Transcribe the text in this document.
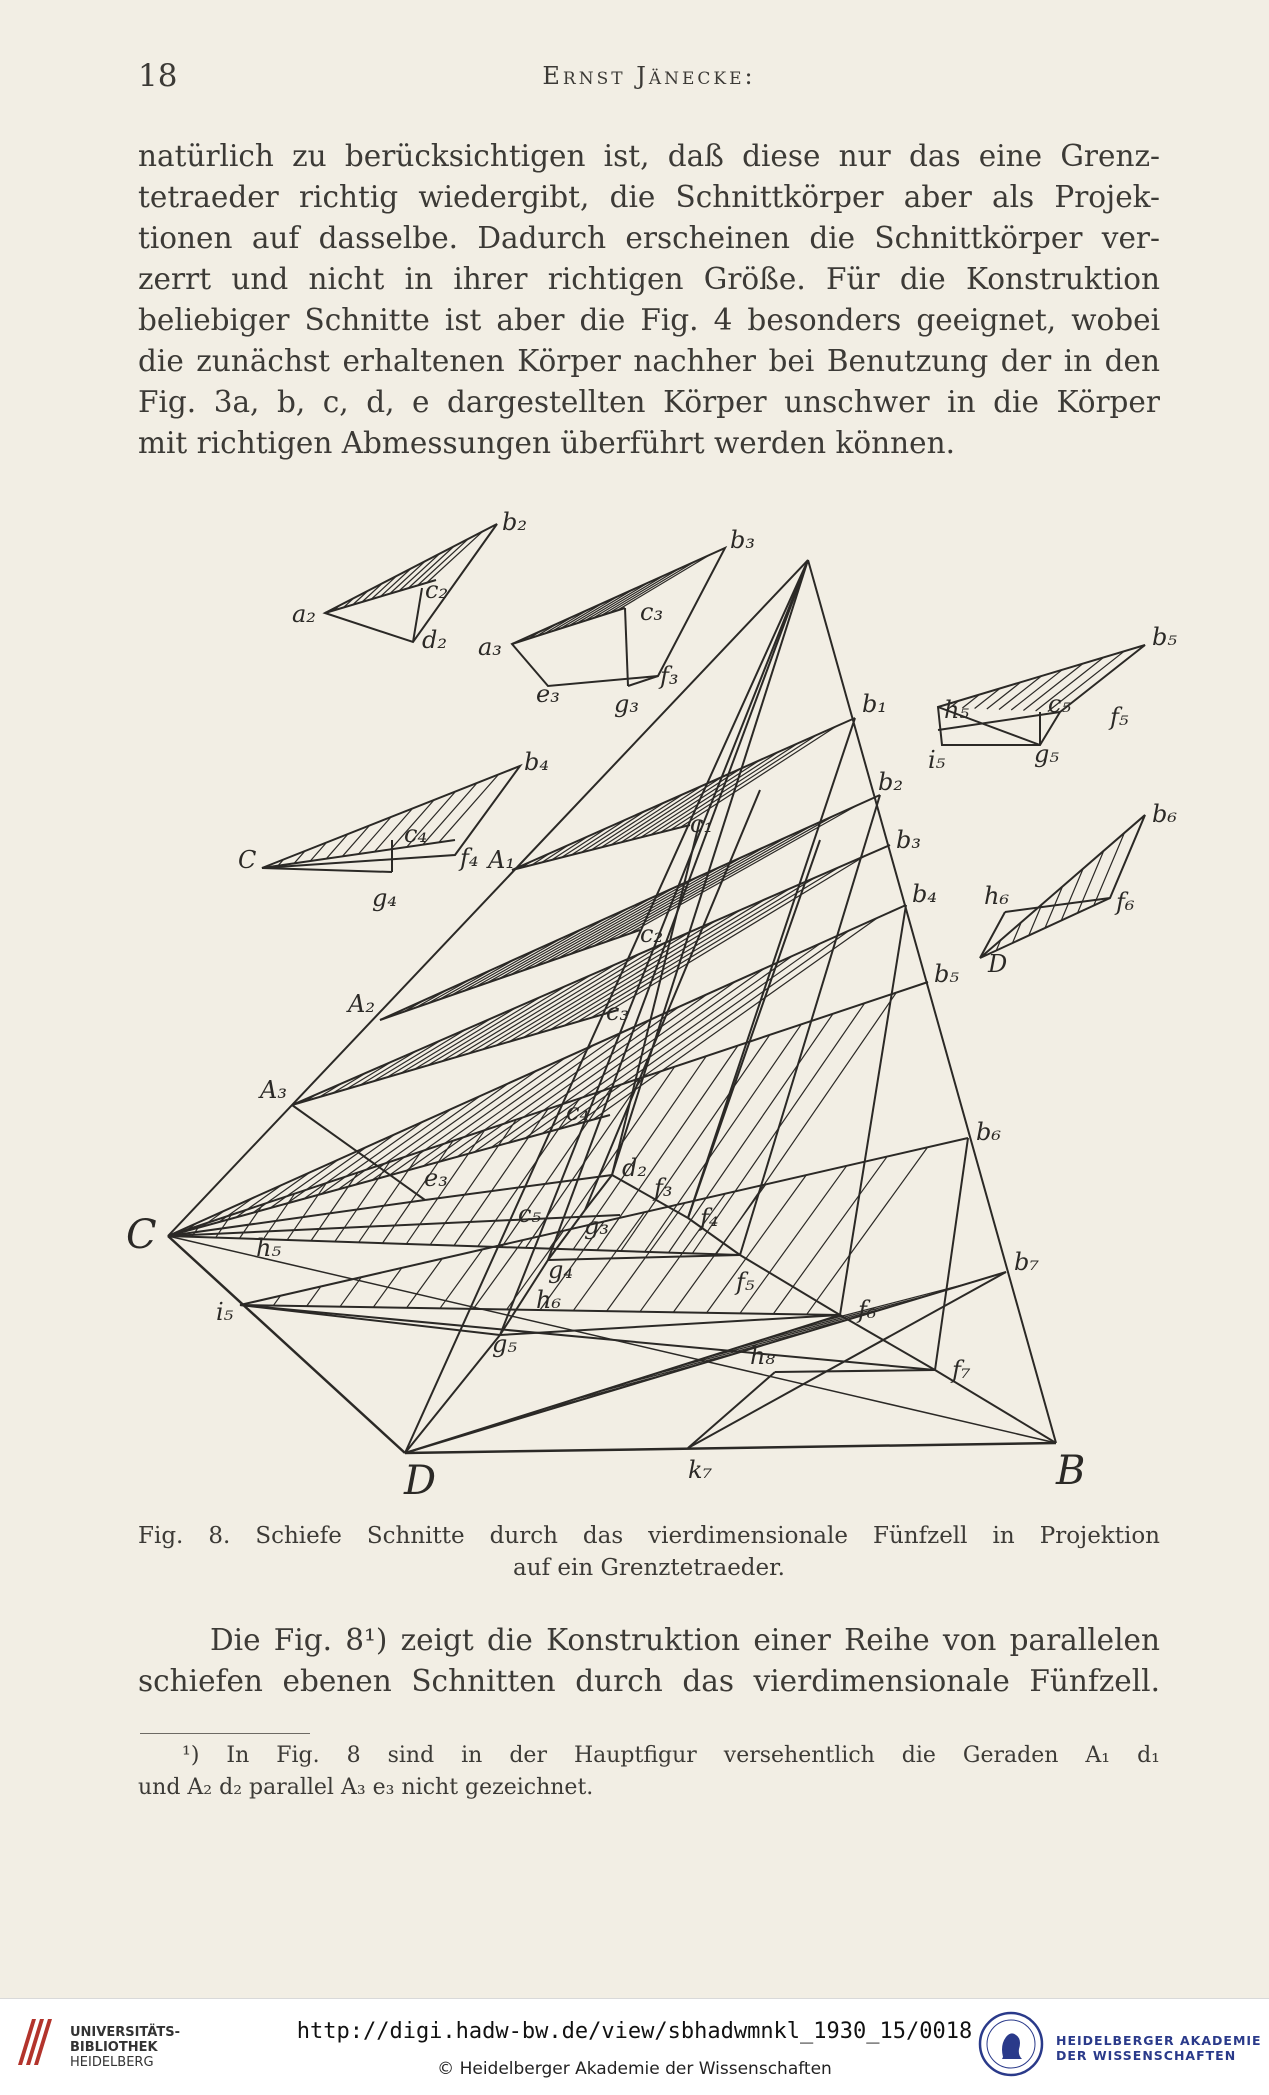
18	Ernst Jänecke:
natürlich zu berücksichtigen ist, daß diese nur das eine Grenz-
tetraeder richtig wiedergibt, die Schnittkörper aber als Projek-
tionen auf dasselbe. Dadurch erscheinen die Schnittkörper ver-
zerrt und nicht in ihrer richtigen Größe. Für die Konstruktion
beliebiger Schnitte ist aber die Fig. 4 besonders geeignet, wobei
die zunächst erhaltenen Körper nachher bei Benutzung der in den
Fig. 3a, b, c, d, e dargestellten Körper unschwer in die Körper
mit richtigen Abmessungen überführt werden können.
b₂
a₂
c₂
d₂
b₃
a₃
c₃
e₃ g₃
f₃
b₄
C
c₄
f₄
g₄
b₅
h₅	c₅ f₅
i₅	g₅
b₆
h₆	f₆
D
b₁
b₂
b₃
b₄
b₅
b₆
b₇
A₁
A₂
A₃
c₁
c₂
c₃
c₄
c₅
d₂
e₃	f₃
f₄
f₅
f₆
f₇
g₃
g₄
g₅
h₅
h₆
h₈
i₅
k₇
C
D	B
Fig. 8. Schiefe Schnitte durch das vierdimensionale Fünfzell in Projektion
auf ein Grenztetraeder.
Die Fig. 8¹) zeigt die Konstruktion einer Reihe von parallelen
schiefen ebenen Schnitten durch das vierdimensionale Fünfzell.
¹) In Fig. 8 sind in der Hauptfigur versehentlich die Geraden A₁ d₁
und A₂ d₂ parallel A₃ e₃ nicht gezeichnet.
UNIVERSITÄTS-
BIBLIOTHEK
HEIDELBERG
http://digi.hadw-bw.de/view/sbhadwmnkl_1930_15/0018
© Heidelberger Akademie der Wissenschaften
HEIDELBERGER AKADEMIE
DER WISSENSCHAFTEN
